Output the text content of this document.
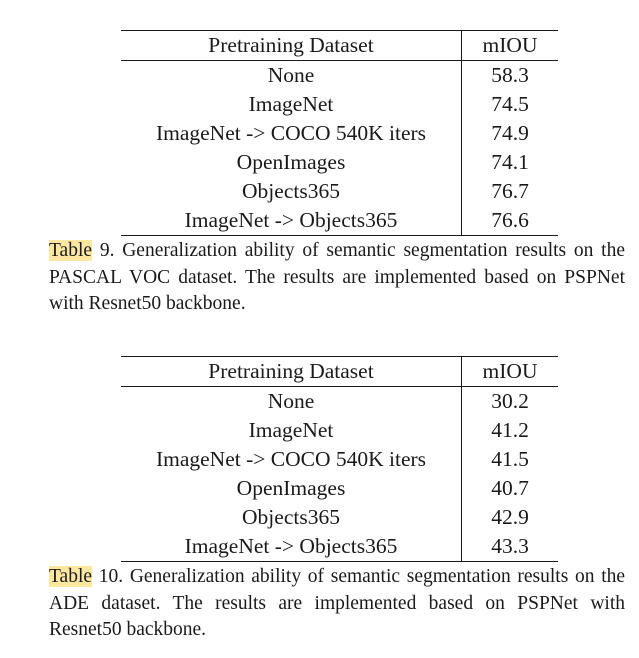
Pretraining Dataset	mIOU
None	58.3
ImageNet	74.5
ImageNet -> COCO 540K iters	74.9
OpenImages	74.1
Objects365	76.7
ImageNet -> Objects365	76.6
Table 9. Generalization ability of semantic segmentation results on the PASCAL VOC dataset. The results are implemented based on PSPNet with Resnet50 backbone.
Pretraining Dataset	mIOU
None	30.2
ImageNet	41.2
ImageNet -> COCO 540K iters	41.5
OpenImages	40.7
Objects365	42.9
ImageNet -> Objects365	43.3
Table 10. Generalization ability of semantic segmentation results on the ADE dataset. The results are implemented based on PSPNet with Resnet50 backbone.
